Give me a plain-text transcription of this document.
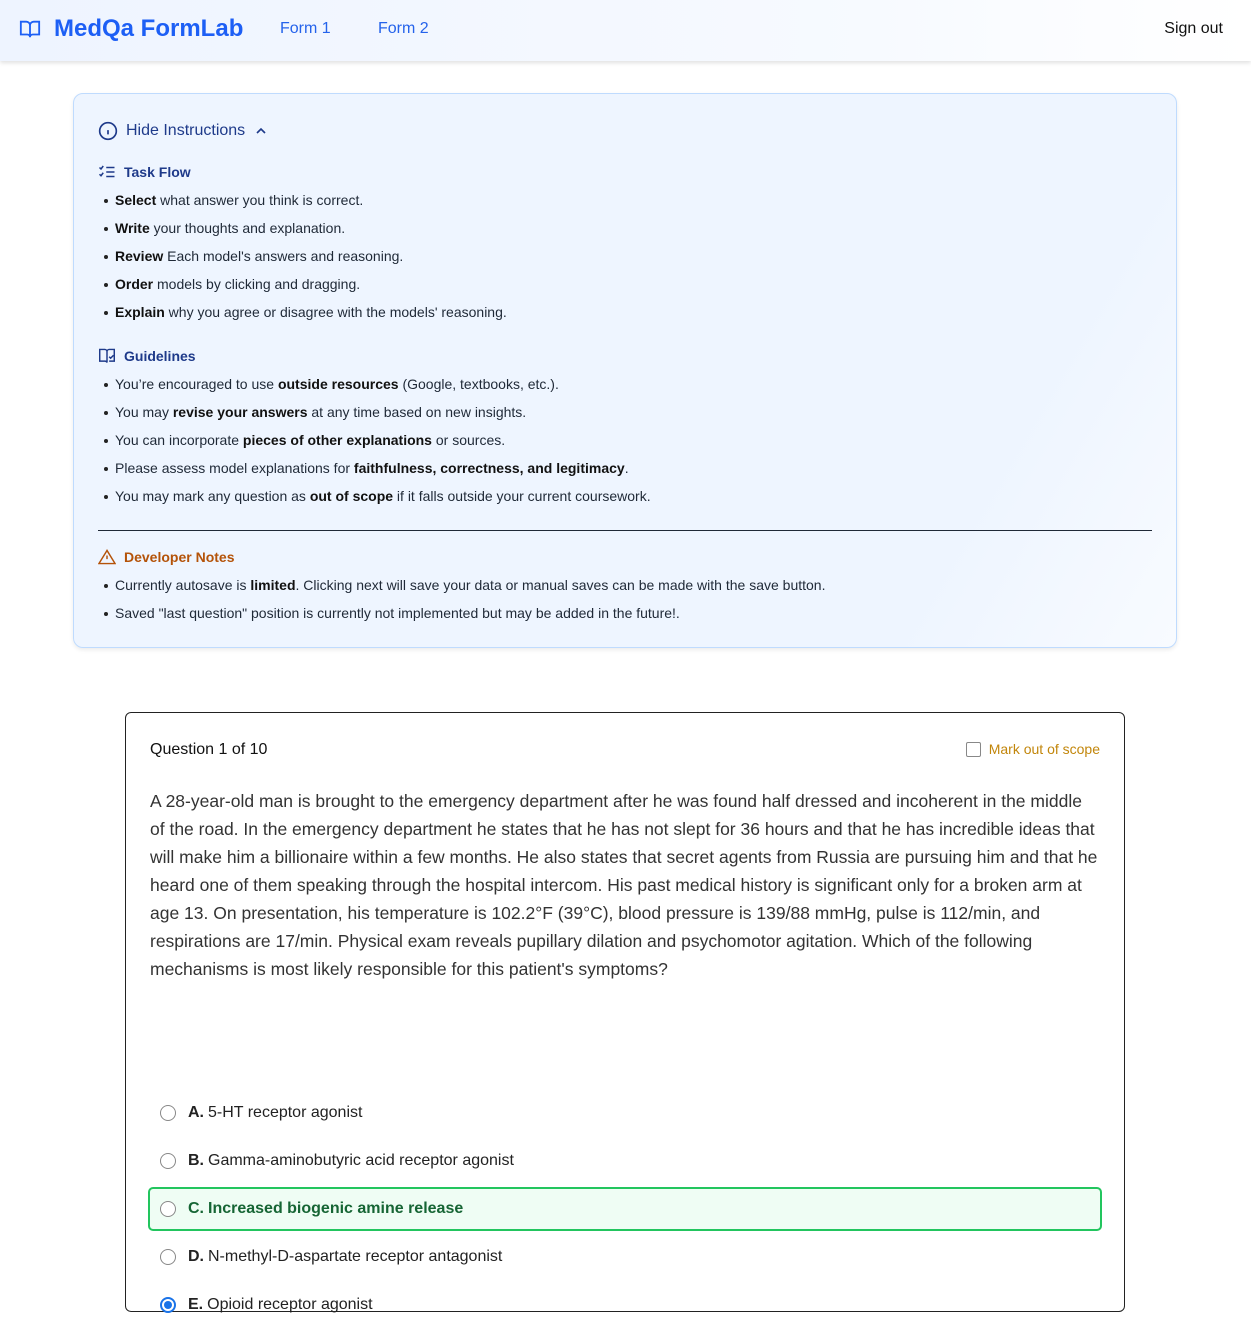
MedQa FormLab Form 1	Form 2	Sign out
Hide Instructions
Task Flow
Select what answer you think is correct.
Write your thoughts and explanation.
Review Each model's answers and reasoning.
Order models by clicking and dragging.
Explain why you agree or disagree with the models' reasoning.
Guidelines
You’re encouraged to use outside resources (Google, textbooks, etc.).
You may revise your answers at any time based on new insights.
You can incorporate pieces of other explanations or sources.
Please assess model explanations for faithfulness, correctness, and legitimacy.
You may mark any question as out of scope if it falls outside your current coursework.
Developer Notes
Currently autosave is limited. Clicking next will save your data or manual saves can be made with the save button.
Saved "last question" position is currently not implemented but may be added in the future!.
Question 1 of 10	Mark out of scope
A 28-year-old man is brought to the emergency department after he was found half dressed and incoherent in the middle of the road. In the emergency department he states that he has not slept for 36 hours and that he has incredible ideas that will make him a billionaire within a few months. He also states that secret agents from Russia are pursuing him and that he heard one of them speaking through the hospital intercom. His past medical history is significant only for a broken arm at age 13. On presentation, his temperature is 102.2°F (39°C), blood pressure is 139/88 mmHg, pulse is 112/min, and respirations are 17/min. Physical exam reveals pupillary dilation and psychomotor agitation. Which of the following mechanisms is most likely responsible for this patient's symptoms?
A. 5-HT receptor agonist
B. Gamma-aminobutyric acid receptor agonist
C. Increased biogenic amine release
D. N-methyl-D-aspartate receptor antagonist
E. Opioid receptor agonist
